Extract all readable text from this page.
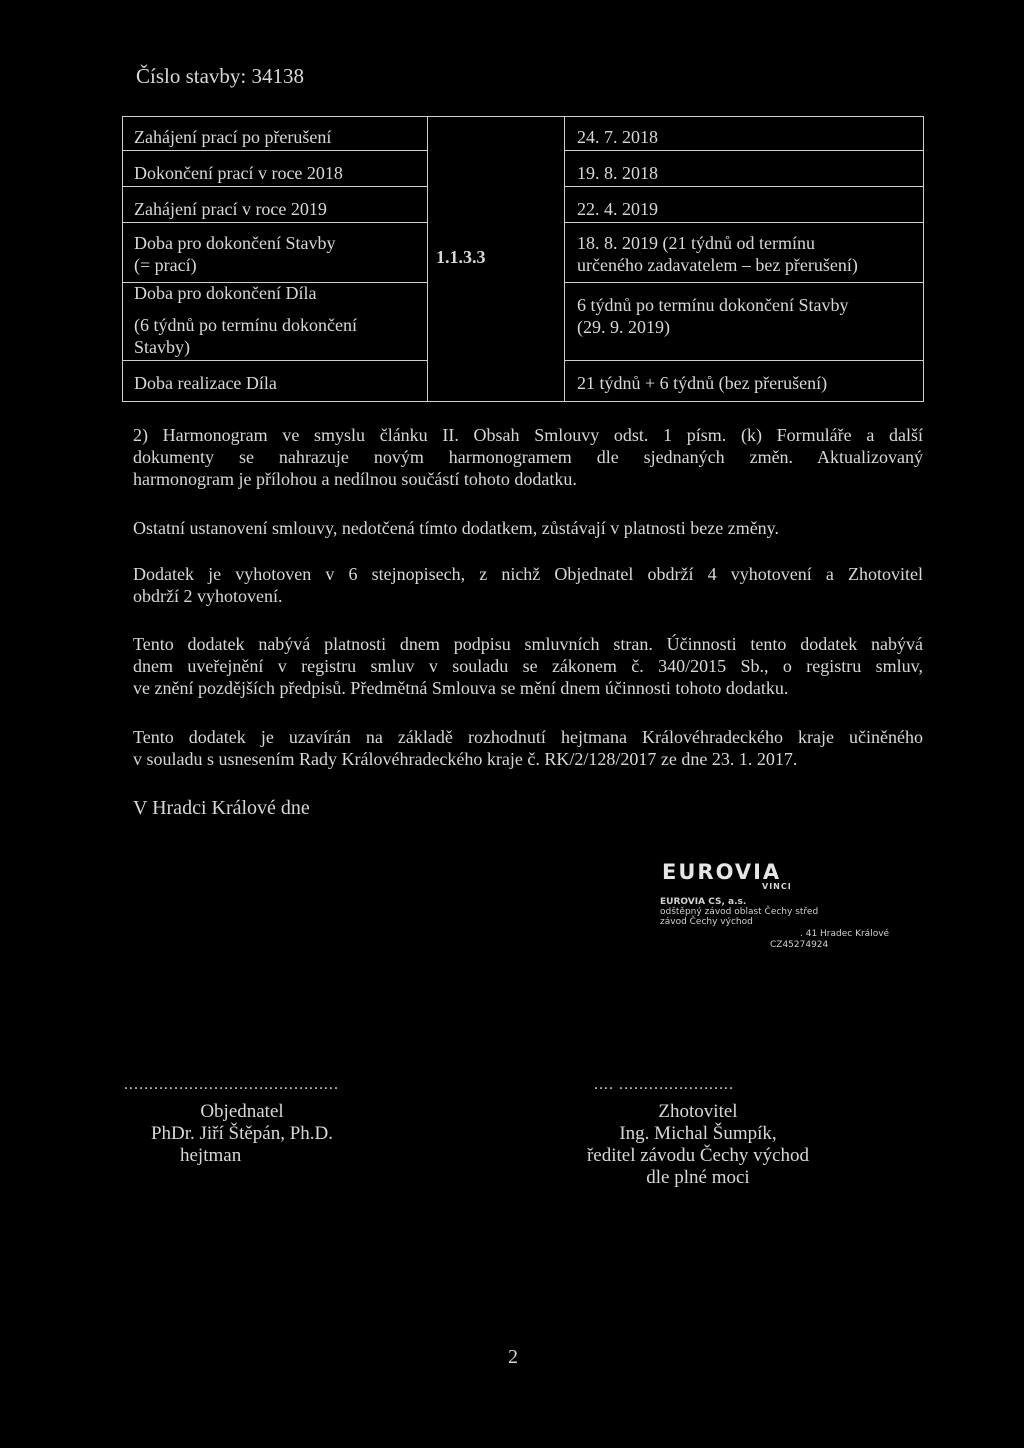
Číslo stavby: 34138
Zahájení prací po přerušení
Dokončení prací v roce 2018
Zahájení prací v roce 2019
Doba pro dokončení Stavby
(= prací)
Doba pro dokončení Díla
(6 týdnů po termínu dokončení
Stavby)
Doba realizace Díla
1.1.3.3
24. 7. 2018
19. 8. 2018
22. 4. 2019
18. 8. 2019 (21 týdnů od termínu
určeného zadavatelem – bez přerušení)
6 týdnů po termínu dokončení Stavby
(29. 9. 2019)
21 týdnů + 6 týdnů (bez přerušení)
2) Harmonogram ve smyslu článku II. Obsah Smlouvy odst. 1 písm. (k) Formuláře a další
dokumenty se nahrazuje novým harmonogramem dle sjednaných změn. Aktualizovaný
harmonogram je přílohou a nedílnou součástí tohoto dodatku.
Ostatní ustanovení smlouvy, nedotčená tímto dodatkem, zůstávají v platnosti beze změny.
Dodatek je vyhotoven v 6 stejnopisech, z nichž Objednatel obdrží 4 vyhotovení a Zhotovitel
obdrží 2 vyhotovení.
Tento dodatek nabývá platnosti dnem podpisu smluvních stran. Účinnosti tento dodatek nabývá
dnem uveřejnění v registru smluv v souladu se zákonem č. 340/2015 Sb., o registru smluv,
ve znění pozdějších předpisů. Předmětná Smlouva se mění dnem účinnosti tohoto dodatku.
Tento dodatek je uzavírán na základě rozhodnutí hejtmana Královéhradeckého kraje učiněného
v souladu s usnesením Rady Královéhradeckého kraje č. RK/2/128/2017 ze dne 23. 1. 2017.
V Hradci Králové dne
EUROVIA
VINCI
EUROVIA CS, a.s.
odštěpný závod oblast Čechy střed
závod Čechy východ
. 41 Hradec Králové
CZ45274924
...........................................
Objednatel
PhDr. Jiří Štěpán, Ph.D.
hejtman
.... .......................
Zhotovitel
Ing. Michal Šumpík,
ředitel závodu Čechy východ
dle plné moci
2
